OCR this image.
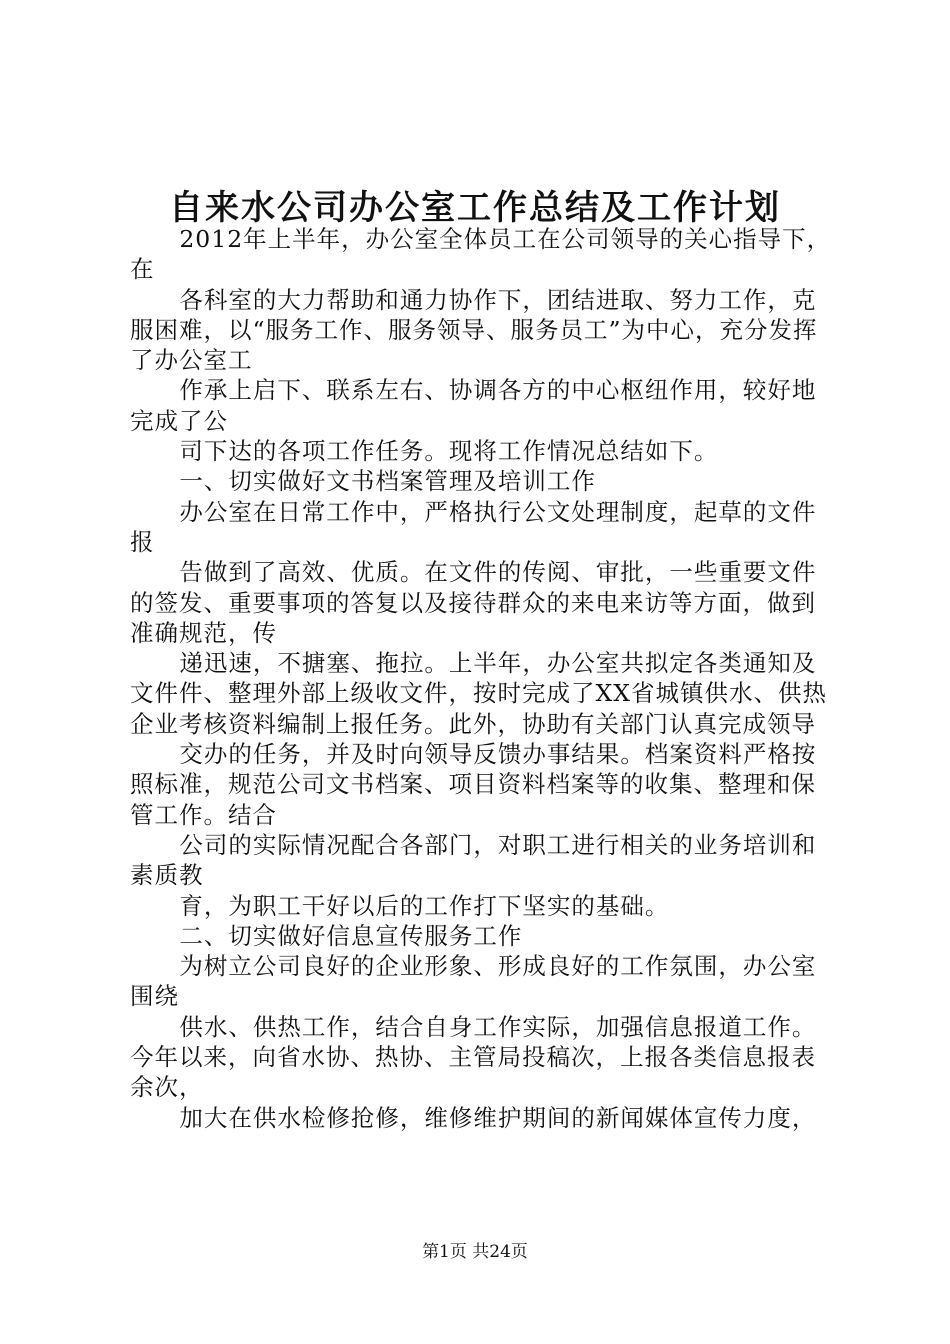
自来水公司办公室工作总结及工作计划

2012年上半年，办公室全体员工在公司领导的关心指导下，在

各科室的大力帮助和通力协作下，团结进取、努力工作，克服困难，以“服务工作、服务领导、服务员工”为中心，充分发挥了办公室工

作承上启下、联系左右、协调各方的中心枢纽作用，较好地完成了公

司下达的各项工作任务。现将工作情况总结如下。

一、切实做好文书档案管理及培训工作

办公室在日常工作中，严格执行公文处理制度，起草的文件报

告做到了高效、优质。在文件的传阅、审批，一些重要文件的签发、重要事项的答复以及接待群众的来电来访等方面，做到准确规范，传

递迅速，不搪塞、拖拉。上半年，办公室共拟定各类通知及文件件、整理外部上级收文件，按时完成了XX省城镇供水、供热企业考核资料编制上报任务。此外，协助有关部门认真完成领导

交办的任务，并及时向领导反馈办事结果。档案资料严格按照标准，规范公司文书档案、项目资料档案等的收集、整理和保管工作。结合

公司的实际情况配合各部门，对职工进行相关的业务培训和素质教

育，为职工干好以后的工作打下坚实的基础。

二、切实做好信息宣传服务工作

为树立公司良好的企业形象、形成良好的工作氛围，办公室围绕

供水、供热工作，结合自身工作实际，加强信息报道工作。今年以来，向省水协、热协、主管局投稿次，上报各类信息报表余次，

加大在供水检修抢修，维修维护期间的新闻媒体宣传力度，

第1页 共24页
